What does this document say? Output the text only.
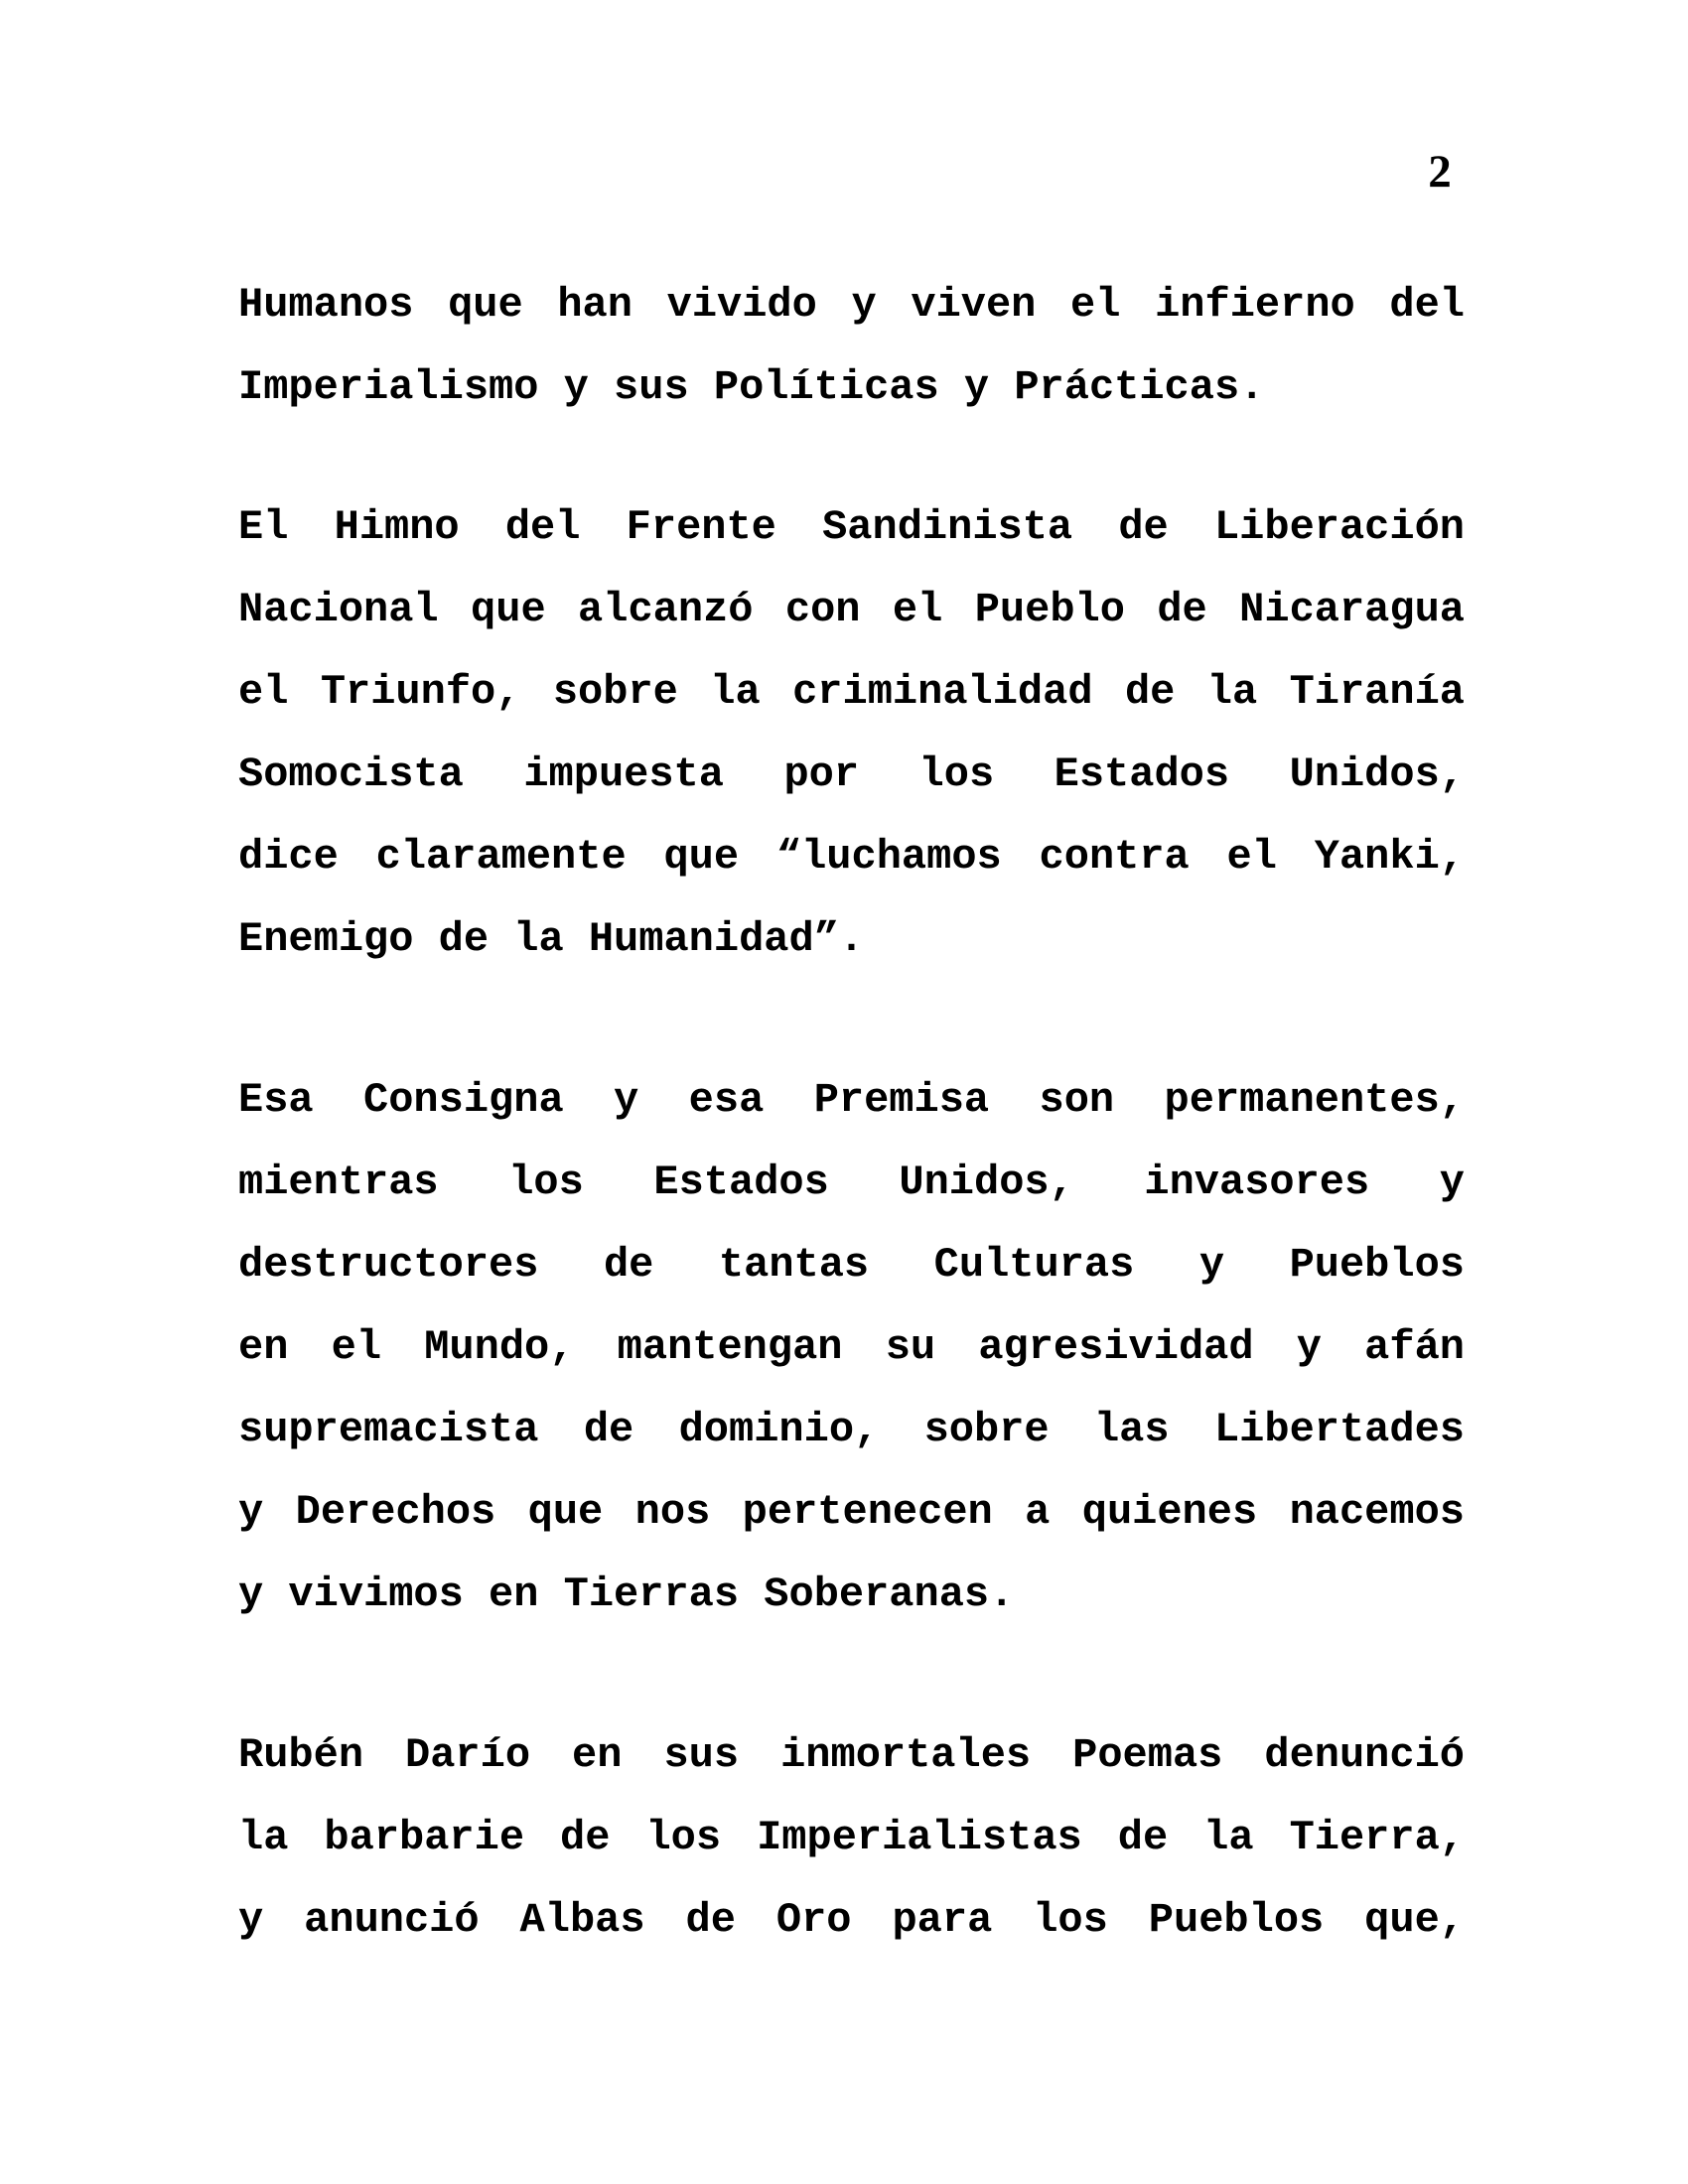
2
Humanos que han vivido y viven el infierno del
Imperialismo y sus Políticas y Prácticas.
El Himno del Frente Sandinista de Liberación
Nacional que alcanzó con el Pueblo de Nicaragua
el Triunfo, sobre la criminalidad de la Tiranía
Somocista impuesta por los Estados Unidos,
dice claramente que “luchamos contra el Yanki,
Enemigo de la Humanidad”.
Esa Consigna y esa Premisa son permanentes,
mientras los Estados Unidos, invasores y
destructores de tantas Culturas y Pueblos
en el Mundo, mantengan su agresividad y afán
supremacista de dominio, sobre las Libertades
y Derechos que nos pertenecen a quienes nacemos
y vivimos en Tierras Soberanas.
Rubén Darío en sus inmortales Poemas denunció
la barbarie de los Imperialistas de la Tierra,
y anunció Albas de Oro para los Pueblos que,
